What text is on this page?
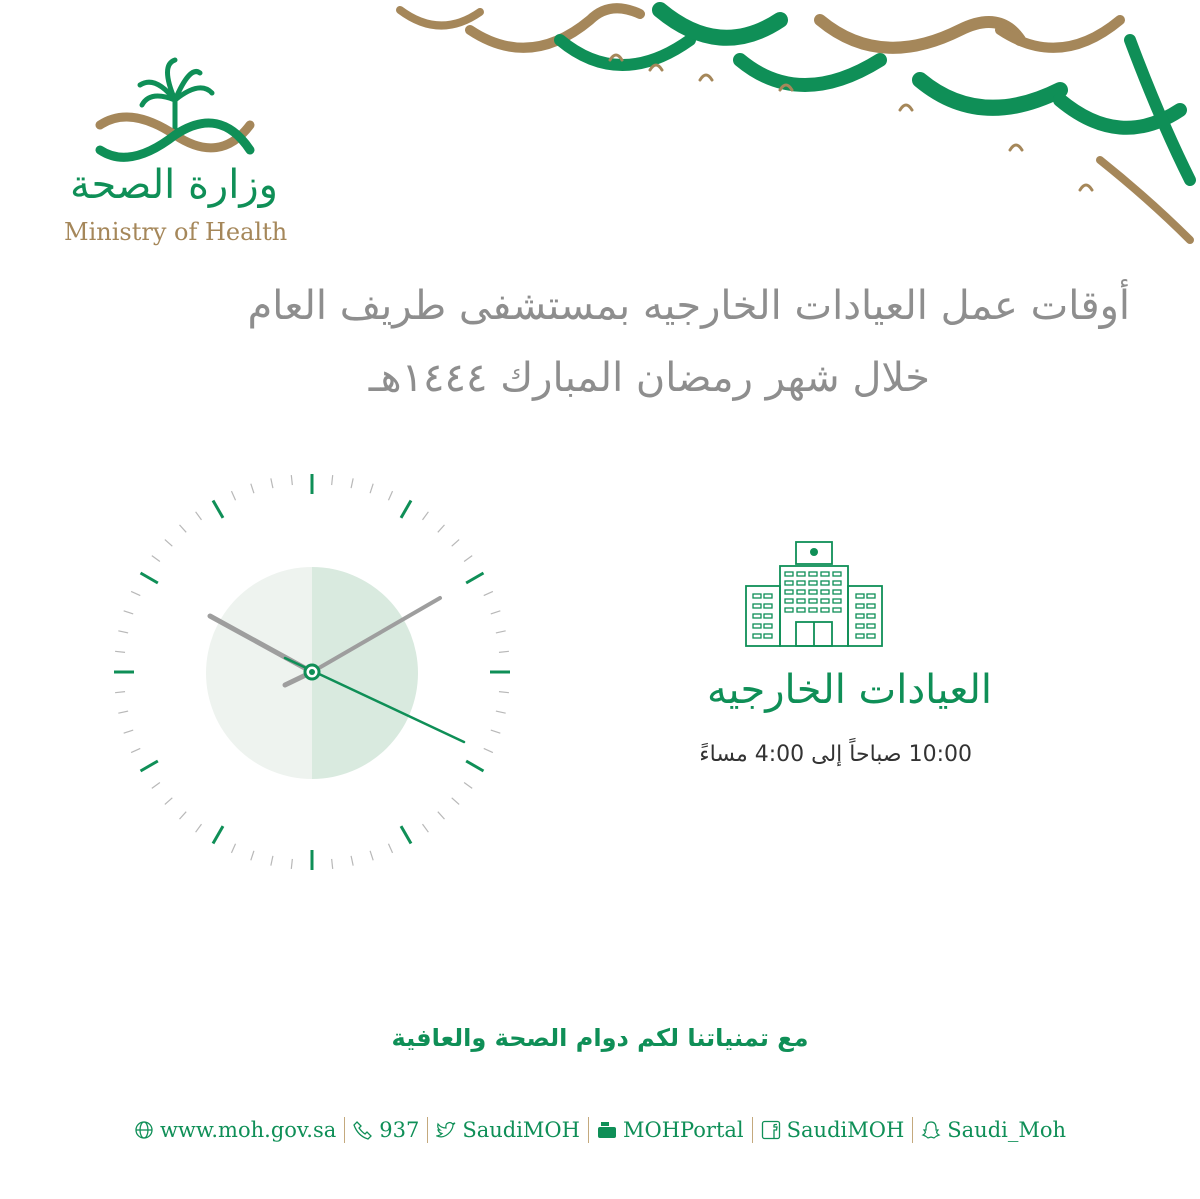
وزارة الصحة
Ministry of Health
أوقات عمل العيادات الخارجيه بمستشفى طريف العام
خلال شهر رمضان المبارك ١٤٤٤هـ
العيادات الخارجيه
10:00 صباحاً إلى 4:00 مساءً
مع تمنياتنا لكم دوام الصحة والعافية
www.moh.gov.sa 937 SaudiMOH MOHPortal SaudiMOH Saudi_Moh
